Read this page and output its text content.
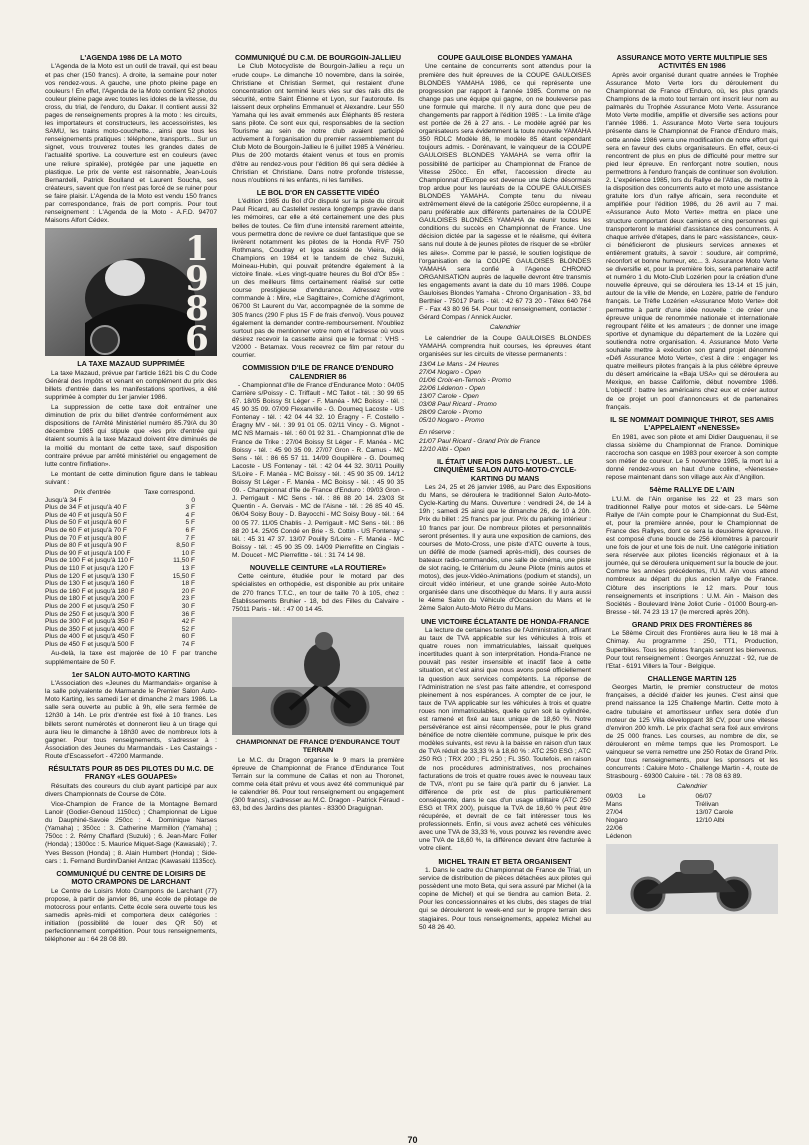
L'AGENDA 1986 DE LA MOTO

L'Agenda de la Moto est un outil de travail, qui est beau et pas cher (150 francs). A droite, la semaine pour noter vos rendez-vous. A gauche, une photo pleine page en couleurs ! En effet, l'Agenda de la Moto contient 52 photos couleur pleine page avec toutes les idoles de la vitesse, du cross, du trial, de l'enduro, du Dakar. Il contient aussi 32 pages de renseignements propres à la moto : les circuits, les importateurs et constructeurs, les accessoiristes, les SAMU, les trains moto-couchette... ainsi que tous les renseignements pratiques : téléphone, transports... Sur un signet, vous trouverez toutes les grandes dates de l'actualité sportive. La couverture est en couleurs (avec une reliure spiralée), protégée par une jaquette en plastique. Le prix de vente est raisonnable, Jean-Louis Bernardelli, Patrick Boulland et Laurent Soucha, ses créateurs, savent que l'on n'est pas forcé de se ruiner pour se faire plaisir. L'Agenda de la Moto est vendu 150 francs par correspondance, frais de port compris. Pour tout renseignement : L'Agenda de la Moto - A.F.D. 94707 Maisons Alfort Cédex.

1986
L'AGENDA DE LA MOTO
LA TAXE MAZAUD SUPPRIMÉE

La taxe Mazaud, prévue par l'article 1621 bis C du Code Général des Impôts et venant en complément du prix des billets d'entrée dans les manifestations sportives, a été supprimée à compter du 1er janvier 1986.

La suppression de cette taxe doit entraîner une diminution de prix du billet d'entrée conformément aux dispositions de l'Arrêté Ministériel numéro 85.79/A du 30 décembre 1985 qui stipule que «les prix d'entrée qui étaient soumis à la taxe Mazaud doivent être diminués de la moitié du montant de cette taxe, sauf disposition contraire prévue par arrêté ministériel ou engagement de lutte contre l'inflation».

Le montant de cette diminution figure dans le tableau suivant :

Prix d'entrée	Taxe correspond.
Jusqu'à 34 F	0
Plus de 34 F et jusqu'à 40 F	3 F
Plus de 40 F et jusqu'à 50 F	4 F
Plus de 50 F et jusqu'à 60 F	5 F
Plus de 60 F et jusqu'à 70 F	6 F
Plus de 70 F et jusqu'à 80 F	7 F
Plus de 80 F et jusqu'à 90 F	8,50 F
Plus de 90 F et jusqu'à 100 F	10 F
Plus de 100 F et jusqu'à 110 F	11,50 F
Plus de 110 F et jusqu'à 120 F	13 F
Plus de 120 F et jusqu'à 130 F	15,50 F
Plus de 130 F et jusqu'à 160 F	18 F
Plus de 160 F et jusqu'à 180 F	20 F
Plus de 180 F et jusqu'à 200 F	23 F
Plus de 200 F et jusqu'à 250 F	30 F
Plus de 250 F et jusqu'à 300 F	36 F
Plus de 300 F et jusqu'à 350 F	42 F
Plus de 350 F et jusqu'à 400 F	52 F
Plus de 400 F et jusqu'à 450 F	60 F
Plus de 450 F et jusqu'à 500 F	74 F

Au-delà, la taxe est majorée de 10 F par tranche supplémentaire de 50 F.

1er SALON AUTO-MOTO KARTING

L'Association des «Jeunes du Marmandais» organise à la salle polyvalente de Marmande le Premier Salon Auto-Moto Karting, les samedi 1er et dimanche 2 mars 1986. La salle sera ouverte au public à 9h, elle sera fermée de 12h30 à 14h. Le prix d'entrée est fixé à 10 francs. Les billets seront numérotés et donneront lieu à un tirage qui aura lieu le dimanche à 18h30 avec de nombreux lots à gagner. Pour tous renseignements, s'adresser à : Association des Jeunes du Marmandais - Les Castaings - Route d'Escassefort - 47200 Marmande.

RÉSULTATS POUR 85 DES PILOTES DU M.C. DE FRANGY «LES GOUAPES»

Résultats des coureurs du club ayant participé par aux divers Championnats de Course de Côte.

Vice-Champion de France de la Montagne Bernard Lanoir (Godier-Genoud 1150cc) ; Championnat de Ligue du Dauphiné-Savoie 250cc : 4. Dominique Narses (Yamaha) ; 350cc : 3. Catherine Marmillon (Yamaha) ; 750cc : 2. Rémy Chaffard (Suzuki) ; 6. Jean-Marc Foller (Honda) ; 1300cc : 5. Maurice Miquet-Sage (Kawasaki) ; 7. Yves Besson (Honda) ; 8. Alain Humbert (Honda) ; Side-cars : 1. Fernand Burdin/Daniel Antzac (Kawasaki 1135cc).

COMMUNIQUÉ DU CENTRE DE LOISIRS DE MOTO CRAMPONS DE LARCHANT

Le Centre de Loisirs Moto Crampons de Larchant (77) propose, à partir de janvier 86, une école de pilotage de motocross pour enfants. Cette école sera ouverte tous les samedis après-midi et comportera deux catégories : initiation (possibilité de louer des QR 50) et perfectionnement compétition. Pour tous renseignements, téléphoner au : 64 28 08 89.

COMMUNIQUÉ DU C.M. DE BOURGOIN-JALLIEU

Le Club Motocycliste de Bourgoin-Jallieu a reçu un «rude coup». Le dimanche 10 novembre, dans la soirée, Christiane et Christian Sermet, qui restaient d'une concentration ont terminé leurs vies sur des rails dits de sécurité, entre Saint Étienne et Lyon, sur l'autoroute. Ils laissent deux orphelins Emmanuel et Alexandre. Leur 550 Yamaha qui les avait emmenés aux Éléphants 85 restera sans pilote. Ce sont eux qui, responsables de la section Tourisme au sein de notre club avaient participé activement à l'organisation du premier rassemblement du Club Moto de Bourgoin-Jallieu le 6 juillet 1985 à Vénérieu. Plus de 200 motards étaient venus et tous en promis d'être au rendez-vous pour l'édition 86 qui sera dédiée à Christian et Christiane. Dans notre profonde tristesse, nous n'oublions ni les enfants, ni les familles.

LE BOL D'OR EN CASSETTE VIDÉO

L'édition 1985 du Bol d'Or disputé sur la piste du circuit Paul Ricard, au Castellet restera longtemps gravée dans les mémoires, car elle a été certainement une des plus belles de toutes. Ce film d'une intensité rarement atteinte, vous permettra donc de revivre ce duel fantastique que se livrèrent notamment les pilotes de la Honda RVF 750 Rothmans, Coudray et Igoa assisté de Vieira, déjà Champions en 1984 et le tandem de chez Suzuki, Moineau-Hubin, qui pouvait prétendre également à la victoire finale. «Les vingt-quatre heures du Bol d'Or 85» : un des meilleurs films certainement réalisé sur cette course prestigieuse d'endurance. Adressez votre commande à : Mire, «Le Sagittaire», Corniche d'Agrimont, 06700 St Laurent du Var, accompagnée de la somme de 305 francs (290 F plus 15 F de frais d'envoi). Vous pouvez également la demander contre-remboursement. N'oubliez surtout pas de mentionner votre nom et l'adresse où vous désirez recevoir la cassette ainsi que le format : VHS - V2000 - Betamax. Vous recevrez ce film par retour du courrier.

COMMISSION D'ILE DE FRANCE D'ENDURO CALENDRIER 86

- Championnat d'Ile de France d'Endurance Moto : 04/05 Carrière s/Poissy - C. Triffault - MC Tallot - tél. : 30 99 65 67. 18/05 Boissy St Léger - F. Manéa - MC Boissy - tél. : 45 90 35 09. 07/09 Flexanville - G. Doumeq Lacoste - US Fontenay - tél. : 42 04 44 32. 10 Éragny - F. Costello - Éragny MV - tél. : 39 91 01 05. 02/11 Vincy - G. Mignot - MC NS Marnais - tél. : 60 01 92 31. - Championnat d'Ile de France de Trike : 27/04 Boissy St Léger - F. Manéa - MC Boissy - tél. : 45 90 35 09. 27/07 Gron - R. Camus - MC Sens - tél. : 86 65 57 11. 14/09 Goupillère - G. Doumeq Lacoste - US Fontenay - tél. : 42 04 44 32. 30/11 Pouilly S/Loire - F. Manéa - MC Boissy - tél. : 45 90 35 09. 14/12 Boissy St Léger - F. Manéa - MC Boissy - tél. : 45 90 35 09. - Championnat d'Ile de France d'Enduro : 09/03 Gron - J. Perrigault - MC Sens - tél. : 86 88 20 14. 23/03 St Quentin - A. Gervais - MC de l'Aisne - tél. : 26 85 40 45. 06/04 Soisy Bouy - D. Bayocchi - MC Soisy Bouy - tél. : 64 00 05 77. 11/05 Chablis - J. Perrigault - MC Sens - tél. : 86 88 20 14. 25/05 Condé en Brie - S. Cottin - US Fontenay - tél. : 45 31 47 37. 13/07 Pouilly S/Loire - F. Manéa - MC Boissy - tél. : 45 90 35 09. 14/09 Pierrefitte en Cinglais - M. Doucet - MC Pierrefitte - tél. : 31 74 14 98.

NOUVELLE CEINTURE «LA ROUTIERE»

Cette ceinture, étudiée pour le motard par des spécialistes en orthopédie, est disponible au prix unitaire de 270 francs T.T.C., en tour de taille 70 à 105, chez : Établissements Bruhier - 18, bd des Filles du Calvaire - 75011 Paris - tél. : 47 00 14 45.

CHAMPIONNAT DE FRANCE D'ENDURANCE TOUT TERRAIN

Le M.C. du Dragon organise le 9 mars la première épreuve de Championnat de France d'Endurance Tout Terrain sur la commune de Callas et non au Thoronet, comme cela était prévu et vous avez été communiqué par le calendrier 86. Pour tout renseignement ou engagement (300 francs), s'adresser au M.C. Dragon - Patrick Féraud - 63, bd des Jardins des plantes - 83300 Draguignan.

COUPE GAULOISE BLONDES YAMAHA

Une centaine de concurrents sont attendus pour la première des huit épreuves de la COUPE GAULOISES BLONDES YAMAHA 1986, ce qui représente une progression par rapport à l'année 1985. Comme on ne change pas une équipe qui gagne, on ne bouleverse pas une formule qui marche. Il n'y aura donc que peu de changements par rapport à l'édition 1985 : - La limite d'âge est portée de 26 à 27 ans. - Le modèle agréé par les organisateurs sera évidemment la toute nouvelle YAMAHA 350 RDLC Modèle 86, le modèle 85 étant cependant toujours admis. - Dorénavant, le vainqueur de la COUPE GAULOISES BLONDES YAMAHA se verra offrir la possibilité de participer au Championnat de France de Vitesse 250cc. En effet, l'accession directe au Championnat d'Europe est devenue une tâche désormais trop ardue pour les lauréats de la COUPE GAULOISES BLONDES YAMAHA. Compte tenu du niveau extrêmement élevé de la catégorie 250cc européenne, il a paru préférable aux différents partenaires de la COUPE GAULOISES BLONDES YAMAHA de réunir toutes les conditions du succès en Championnat de France. Une décision dictée par la sagesse et le réalisme, qui évitera sans nul doute à de jeunes pilotes de risquer de se «brûler les ailes». Comme par le passé, le soutien logistique de l'organisation de la COUPE GAULOISES BLONDES YAMAHA sera confié à l'Agence CHRONO ORGANISATION auprès de laquelle devront être transmis les engagements avant la date du 10 mars 1986. Coupe Gauloises Blondes Yamaha - Chrono Organisation - 33, bd Berthier - 75017 Paris - tél. : 42 67 73 20 - Télex 640 764 F - Fax 43 80 96 54. Pour tout renseignement, contacter : Gérard Compas / Annick Aucler.

Calendrier

Le calendrier de la Coupe GAULOISES BLONDES YAMAHA comprendra huit courses, les épreuves étant organisées sur les circuits de vitesse permanents :

13/04 Le Mans - 24 Heures
27/04 Nogaro - Open
01/06 Croix-en-Ternois - Promo
22/06 Lédenon - Open
13/07 Carole - Open
03/08 Paul Ricard - Promo
28/09 Carole - Promo
05/10 Nogaro - Promo
En réserve :
21/07 Paul Ricard - Grand Prix de France
12/10 Albi - Open
IL ÉTAIT UNE FOIS DANS L'OUEST... LE CINQUIÈME SALON AUTO-MOTO-CYCLE-KARTING DU MANS

Les 24, 25 et 26 janvier 1986, au Parc des Expositions du Mans, se déroulera le traditionnel Salon Auto-Moto-Cycle-Karting du Mans. Ouverture : vendredi 24, de 14 à 19h ; samedi 25 ainsi que le dimanche 26, de 10 à 20h. Prix du billet : 25 francs par jour. Prix du parking intérieur : 10 francs par jour. De nombreux pilotes et personnalités seront présentes. Il y aura une exposition de camions, des courses de Moto-Cross, une piste d'ATC ouverte à tous, un défilé de mode (samedi après-midi), des courses de bateaux radio-commandés, une salle de cinéma, une piste de slot racing, le Critérium du Jeune Pilote (minis autos et motos), des jeux-Vidéo-Animations (podium et stands), un circuit vidéo intérieur, et une grande soirée Auto-Moto organisée dans une discothèque du Mans. Il y aura aussi le 4ème Salon du Véhicule d'Occasion du Mans et le 2ème Salon Auto-Moto Rétro du Mans.

UNE VICTOIRE ÉCLATANTE DE HONDA-FRANCE

La lecture de certaines textes de l'Administration, affirant au taux de TVA applicable sur les véhicules à trois et quatre roues non immatriculables, laissait quelques incertitudes quant à son interprétation. Honda-France ne pouvait pas rester insensible et inactif face à cette situation, et c'est ainsi que nous avons posé officiellement la question aux services compétents. La réponse de l'Administration ne s'est pas faite attendre, et correspond pleinement à nos espérances. A compter de ce jour, le taux de TVA applicable sur les véhicules à trois et quatre roues non immatriculables, quelle qu'en soit la cylindrée, est ramené et fixé au taux unique de 18,60 %. Notre persévérance est ainsi récompensée, pour le plus grand bénéfice de notre clientèle commune, puisque le prix des modèles suivants, est revu à la baisse en raison d'un taux de TVA réduit de 33,33 % à 18,60 % : ATC 250 ESG ; ATC 250 RG ; TRX 200 ; FL 250 ; FL 350. Toutefois, en raison de nos procédures administratives, nos prochaines facturations de trois et quatre roues avec le nouveau taux de TVA, n'ont pu se faire qu'à partir du 6 janvier. La différence de prix est de plus particulièrement conséquente, dans le cas d'un usage utilitaire (ATC 250 ESG et TRX 200), puisque la TVA de 18,60 % peut être récupérée, et devrait de ce fait intéresser tous les professionnels. Enfin, si vous avez acheté ces véhicules avec une TVA de 33,33 %, vous pouvez les revendre avec une TVA de 18,60 %, la différence devant être facturée à votre client.

MICHEL TRAIN ET BETA ORGANISENT

1. Dans le cadre du Championnat de France de Trial, un service de distribution de pièces détachées aux pilotes qui possèdent une moto Beta, qui sera assuré par Michel (à la copine de Michel) et qui se tiendra au camion Beta. 2. Pour les concessionnaires et les clubs, des stages de trial qui se dérouleront le week-end sur le propre terrain des stagiaires. Pour tous renseignements, appelez Michel au 50 48 26 40.

ASSURANCE MOTO VERTE MULTIPLIE SES ACTIVITÉS EN 1986

Après avoir organisé durant quatre années le Trophée Assurance Moto Verte lors du déroulement du Championnat de France d'Enduro, où, les plus grands Champions de la moto tout terrain ont inscrit leur nom au palmarès du Trophée Assurance Moto Verte. Assurance Moto Verte modifie, amplifie et diversifie ses actions pour l'année 1986. 1. Assurance Moto Verte sera toujours présente dans le Championnat de France d'Enduro mais, cette année 1986 verra une modification de notre effort qui sera en faveur des clubs organisateurs. En effet, ceux-ci rencontrent de plus en plus de difficulté pour mettre sur pied leur épreuve. En renforçant notre soutien, nous permettrons à l'enduro français de continuer son évolution. 2. L'expérience 1985, lors du Rallye de l'Atlas, de mettre à la disposition des concurrents auto et moto une assistance gratuite lors d'un rallye africain, sera reconduite et amplifiée pour l'édition 1986, du 26 avril au 7 mai. «Assurance Auto Moto Verte» mettra en place une structure comportant deux camions et cinq personnes qui transporteront le matériel d'assistance des concurrents. A chaque arrivée d'étapes, dans le parc «assistance», ceux-ci bénéficieront de plusieurs services annexes et entièrement gratuits, à savoir : soudure, air comprimé, réconfort et bonne humeur, etc... 3. Assurance Moto Verte se diversifie et, pour la première fois, sera partenaire actif et numéro 1 du Moto-Club Lozérien pour la création d'une nouvelle épreuve, qui se déroulera les 13-14 et 15 juin, autour de la ville de Mende, en Lozère, patrie de l'enduro français. Le Trèfle Lozérien «Assurance Moto Verte» doit permettre à partir d'une idée nouvelle : de créer une épreuve unique de renommée nationale et internationale regroupant l'élite et les amateurs ; de donner une image sportive et dynamique du département de la Lozère qui soutiendra notre organisation. 4. Assurance Moto Verte souhaite mettre à exécution son grand projet dénommé «Défi Assurance Moto Verte», c'est à dire : engager les quatre meilleurs pilotes français à la plus célèbre épreuve du désert américaine la «Baja USA» qui se déroulera au Mexique, en basse Californie, début novembre 1986. L'objectif : battre les américains chez eux et créer autour de ce projet un pool d'annonceurs et de partenaires français.

IL SE NOMMAIT DOMINIQUE THIROT, SES AMIS L'APPELAIENT «NENESSE»

En 1981, avec son pilote et ami Didier Dauguenau, il se classa sixième du Championnat de France. Dominique raccrocha son casque en 1983 pour exercer à son compte son métier de coureur. Le 5 novembre 1985, la mort lui a donné rendez-vous en haut d'une colline, «Nenesse» repose maintenant dans son village aux Aix d'Angillon.

54ème RALLYE DE L'AIN

L'U.M. de l'Ain organise les 22 et 23 mars son traditionnel Rallye pour motos et side-cars. Le 54ème Rallye de l'Ain compte pour le Championnat du Sud-Est, et, pour la première année, pour le Championnat de France des Rallyes, dont ce sera la deuxième épreuve. Il est composé d'une boucle de 256 kilomètres à parcourir une fois de jour et une fois de nuit. Une catégorie initiation sera réservée aux pilotes licenciés régionaux et à la journée, qui se déroulera uniquement sur la boucle de jour. Comme les années précédentes, l'U.M. Ain vous attend nombreux au départ du plus ancien rallye de France. Clôture des inscriptions le 12 mars. Pour tous renseignements et inscriptions : U.M. Ain - Maison des Sociétés - Boulevard Irène Joliot Curie - 01000 Bourg-en-Bresse - tél. 74 23 13 17 (le mercredi après 20h).

GRAND PRIX DES FRONTIÈRES 86

Le 58ème Circuit des Frontières aura lieu le 18 mai à Chimay. Au programme : 250, TT1, Production, Superbikes. Tous les pilotes français seront les bienvenus. Pour tout renseignement : Georges Annuzzat - 92, rue de l'Etat - 6191 Villers la Tour - Belgique.

CHALLENGE MARTIN 125

Georges Martin, le premier constructeur de motos françaises, a décidé d'aider les jeunes. C'est ainsi que prend naissance la 125 Challenge Martin. Cette moto à cadre tubulaire et amortisseur unflex sera dotée d'un moteur de 125 Villa développant 38 CV, pour une vitesse d'environ 200 km/h. Le prix d'achat sera fixé aux environs de 25 000 francs. Les courses, au nombre de dix, se dérouleront en même temps que les Promosport. Le vainqueur se verra remettre une 250 Rotax de Grand Prix. Pour tous renseignements, pour les sponsors et les concurrents : Caluire Moto - Challenge Martin - 4, route de Strasbourg - 69300 Caluire - tél. : 78 08 63 89.

Calendrier
09/03 Le Mans
27/04 Nogaro
22/06 Lédenon
06/07 Trélivan
13/07 Carole
12/10 Albi
70
